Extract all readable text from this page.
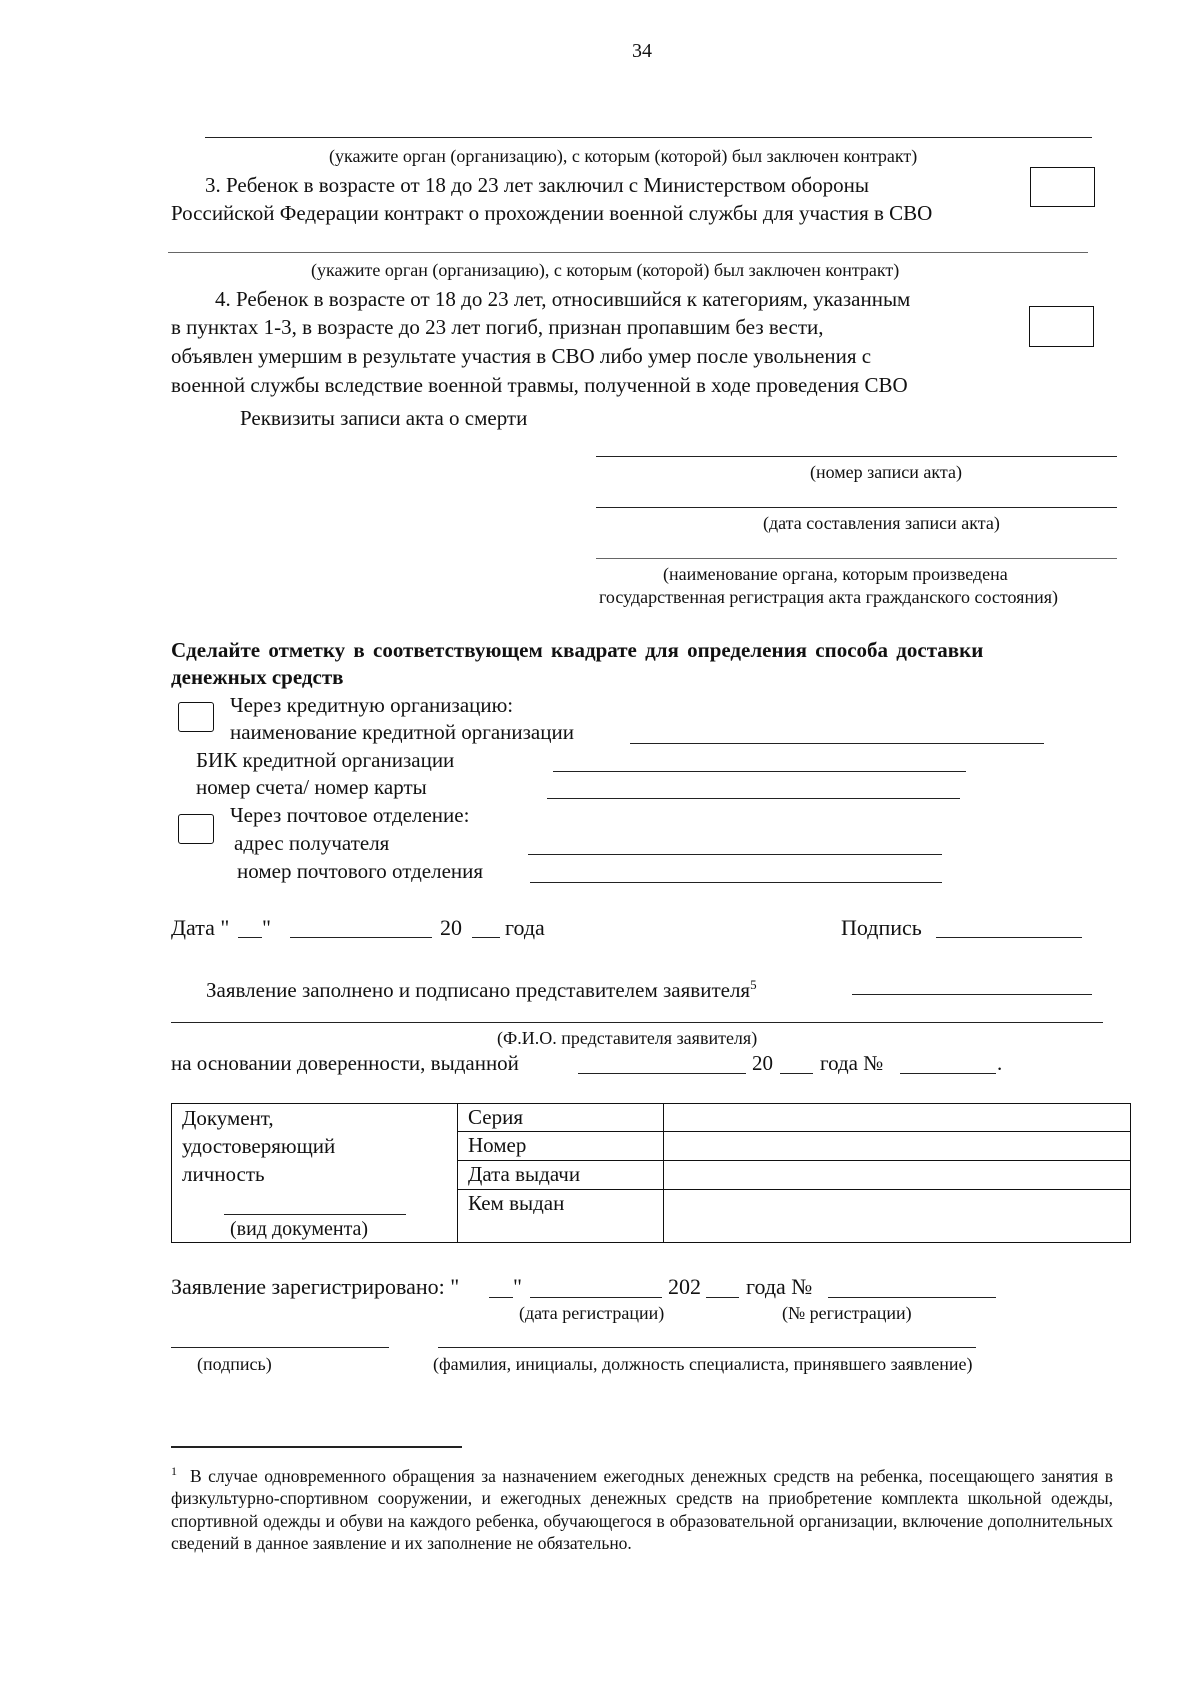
34
(укажите орган (организацию), с которым (которой) был заключен контракт)
3. Ребенок в возрасте от 18 до 23 лет заключил с Министерством обороны
Российской Федерации контракт о прохождении военной службы для участия в СВО
(укажите орган (организацию), с которым (которой) был заключен контракт)
4. Ребенок в возрасте от 18 до 23 лет, относившийся к категориям, указанным
в пунктах 1-3, в возрасте до 23 лет погиб, признан пропавшим без вести,
объявлен умершим в результате участия в СВО либо умер после увольнения с
военной службы вследствие военной травмы, полученной в ходе проведения СВО
Реквизиты записи акта о смерти
(номер записи акта)
(дата составления записи акта)
(наименование органа, которым произведена
государственная регистрация акта гражданского состояния)
Сделайте отметку в соответствующем квадрате для определения способа доставки
денежных средств
Через кредитную организацию:
наименование кредитной организации
БИК кредитной организации
номер счета/ номер карты
Через почтовое отделение:
адрес получателя
номер почтового отделения
Дата " "	20 года	Подпись
Заявление заполнено и подписано представителем заявителя$^5$
(Ф.И.О. представителя заявителя)
на основании доверенности, выданной	20 года №	.
Документ,
удостоверяющий
личность
(вид документа)	Серия	
	Номер	
	Дата выдачи	
	Кем выдан	
Заявление зарегистрировано: " "	202 года №
(дата регистрации)	(№ регистрации)
(подпись)	(фамилия, инициалы, должность специалиста, принявшего заявление)
$^1$ В случае одновременного обращения за назначением ежегодных денежных средств на ребенка, посещающего занятия в физкультурно-спортивном сооружении, и ежегодных денежных средств на приобретение комплекта школьной одежды, спортивной одежды и обуви на каждого ребенка, обучающегося в образовательной организации, включение дополнительных сведений в данное заявление и их заполнение не обязательно.
